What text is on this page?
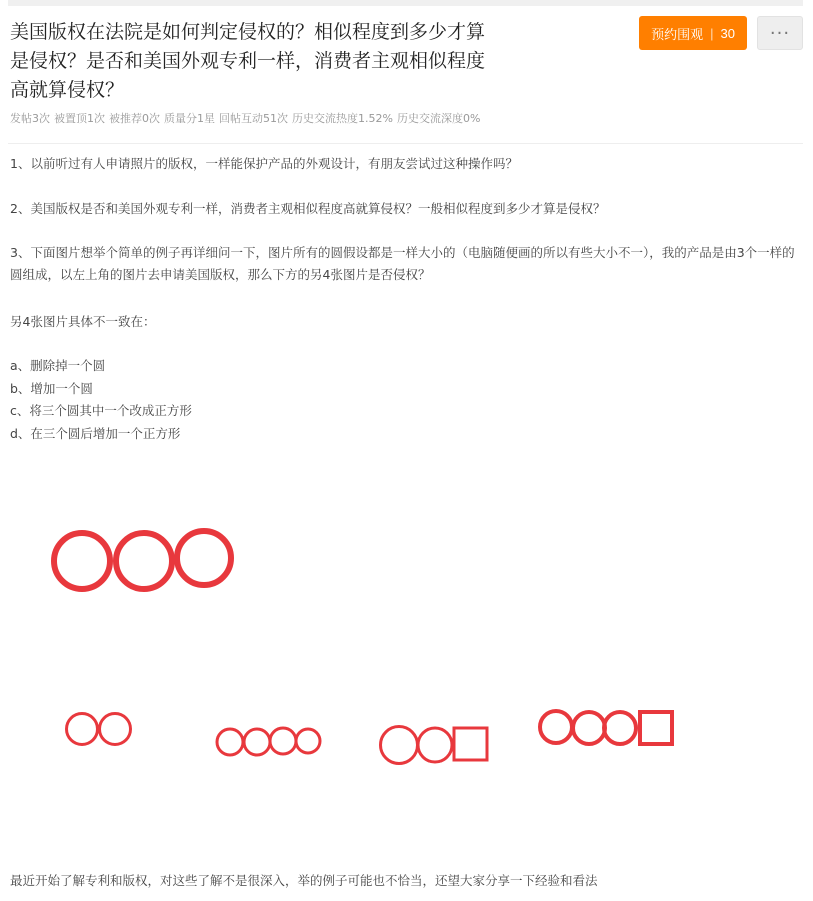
美国版权在法院是如何判定侵权的？相似程度到多少才算
是侵权？是否和美国外观专利一样，消费者主观相似程度
高就算侵权？
预约围观 | 30 ···
发帖3次 被置顶1次 被推荐0次 质量分1星 回帖互动51次 历史交流热度1.52% 历史交流深度0%
1、以前听过有人申请照片的版权，一样能保护产品的外观设计，有朋友尝试过这种操作吗？
2、美国版权是否和美国外观专利一样，消费者主观相似程度高就算侵权？一般相似程度到多少才算是侵权？
3、下面图片想举个简单的例子再详细问一下，图片所有的圆假设都是一样大小的（电脑随便画的所以有些大小不一），我的产品是由3个一样的圆组成，以左上角的图片去申请美国版权，那么下方的另4张图片是否侵权？
另4张图片具体不一致在：
a、删除掉一个圆
b、增加一个圆
c、将三个圆其中一个改成正方形
d、在三个圆后增加一个正方形
最近开始了解专利和版权，对这些了解不是很深入，举的例子可能也不恰当，还望大家分享一下经验和看法
